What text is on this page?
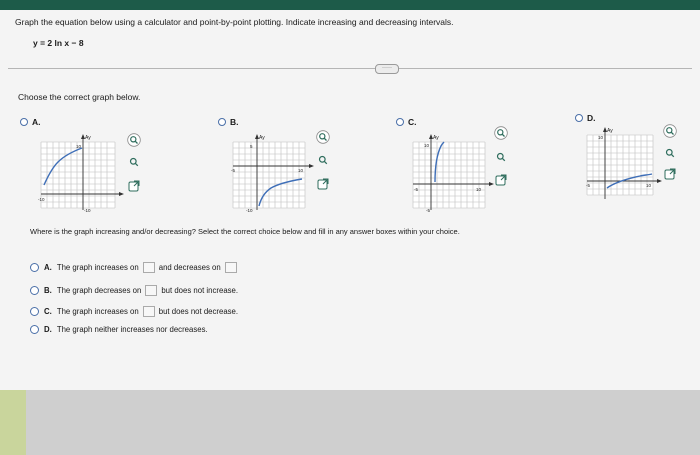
Graph the equation below using a calculator and point-by-point plotting. Indicate increasing and decreasing intervals.
y = 2 ln x − 8
·····
Choose the correct graph below.
A.
Ay
10
-10
-10
B.
Ay
5
10
-5
-10
C.
Ay
10
10
-5
-5
D.
Ay
10
10
-5
Where is the graph increasing and/or decreasing? Select the correct choice below and fill in any answer boxes within your choice.
A. The graph increases on	and decreases on
B. The graph decreases on	but does not increase.
C. The graph increases on	but does not decrease.
D. The graph neither increases nor decreases.
